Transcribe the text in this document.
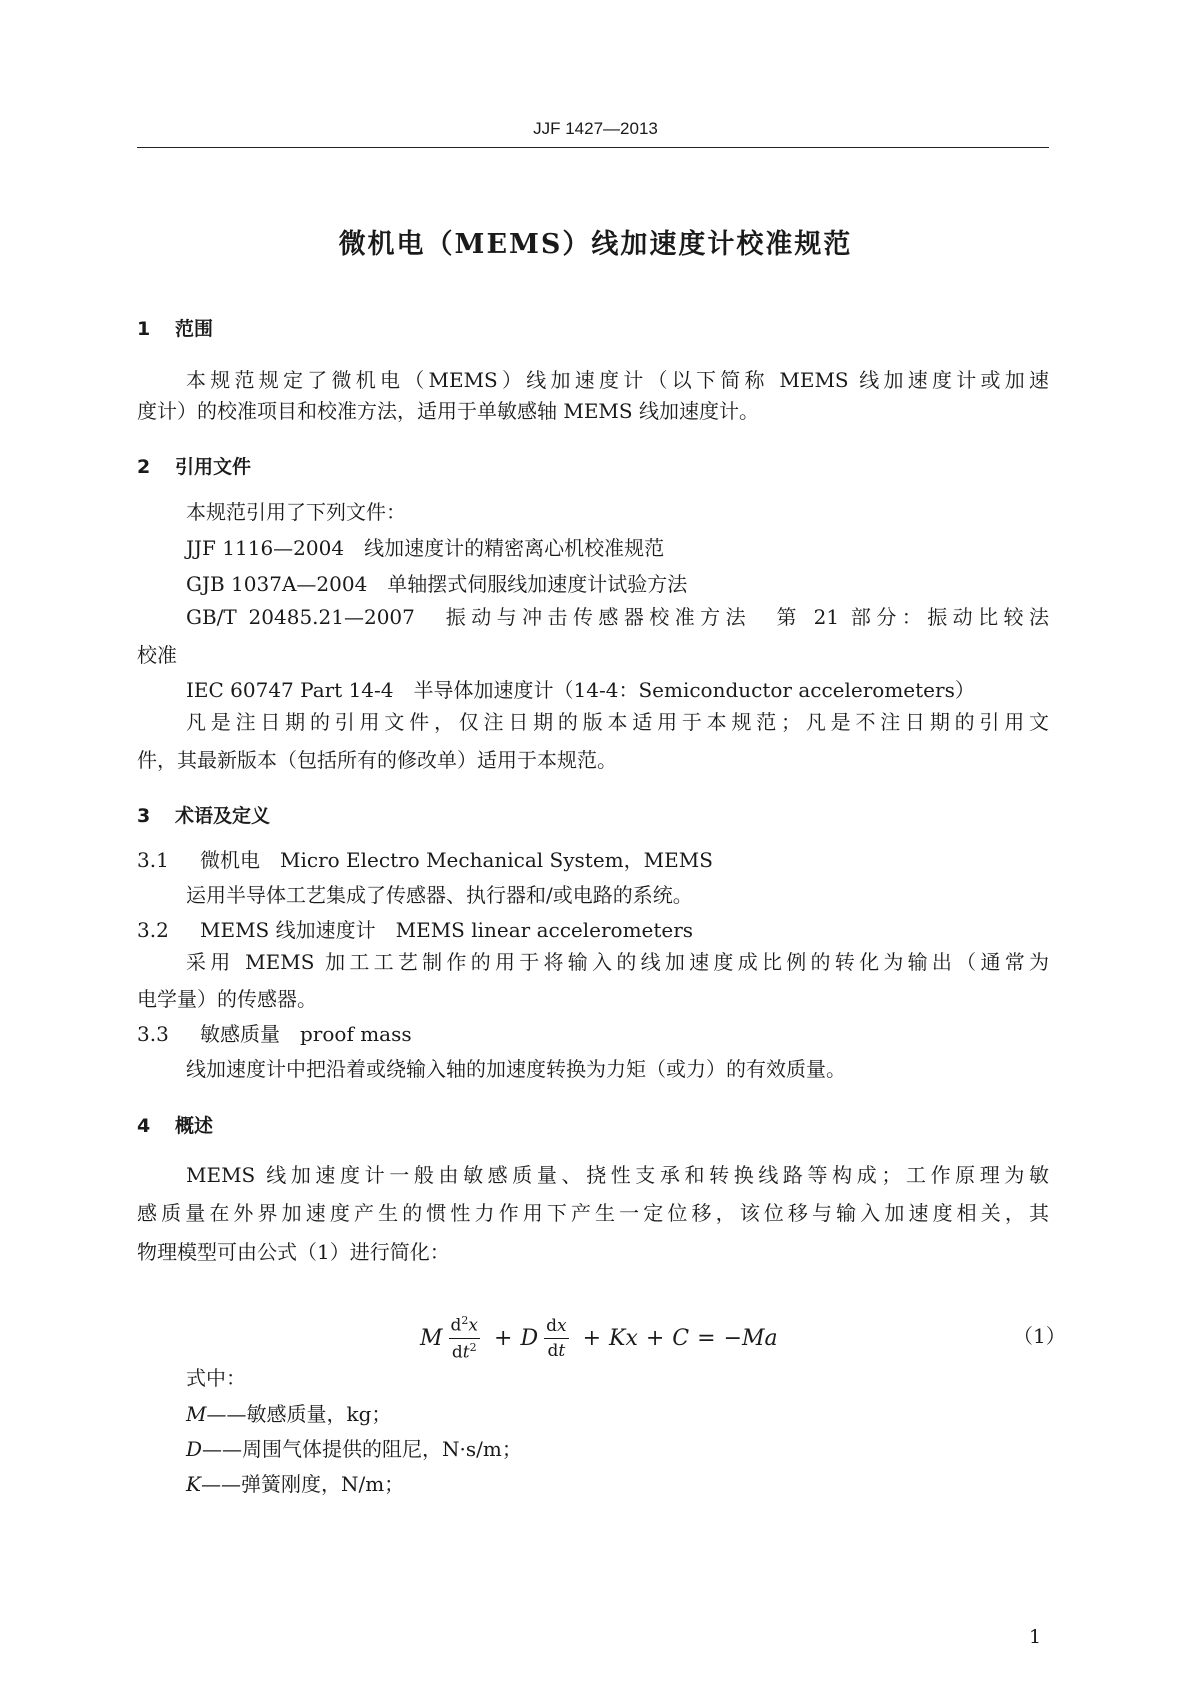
JJF 1427—2013
微机电（MEMS）线加速度计校准规范
1 范围
本规范规定了微机电（MEMS）线加速度计（以下简称 MEMS 线加速度计或加速
度计）的校准项目和校准方法，适用于单敏感轴 MEMS 线加速度计。
2 引用文件
本规范引用了下列文件：
JJF 1116—2004　线加速度计的精密离心机校准规范
GJB 1037A—2004　单轴摆式伺服线加速度计试验方法
GB/T 20485.21—2007　振动与冲击传感器校准方法　第 21 部分：振动比较法
校准
IEC 60747 Part 14-4　半导体加速度计（14-4：Semiconductor accelerometers）
凡是注日期的引用文件，仅注日期的版本适用于本规范；凡是不注日期的引用文
件，其最新版本（包括所有的修改单）适用于本规范。
3 术语及定义
3.1 微机电　Micro Electro Mechanical System，MEMS
运用半导体工艺集成了传感器、执行器和/或电路的系统。
3.2 MEMS 线加速度计　MEMS linear accelerometers
采用 MEMS 加工工艺制作的用于将输入的线加速度成比例的转化为输出（通常为
电学量）的传感器。
3.3 敏感质量　proof mass
线加速度计中把沿着或绕输入轴的加速度转换为力矩（或力）的有效质量。
4 概述
MEMS 线加速度计一般由敏感质量、挠性支承和转换线路等构成；工作原理为敏
感质量在外界加速度产生的惯性力作用下产生一定位移，该位移与输入加速度相关，其
物理模型可由公式（1）进行简化：
M $\frac{d^2x}{dt^2} + D \frac{dx}{dt} + Kx + C$ = − Ma	（1）
式中：
M——敏感质量，kg；
D——周围气体提供的阻尼，N·s/m；
K——弹簧刚度，N/m；
1
